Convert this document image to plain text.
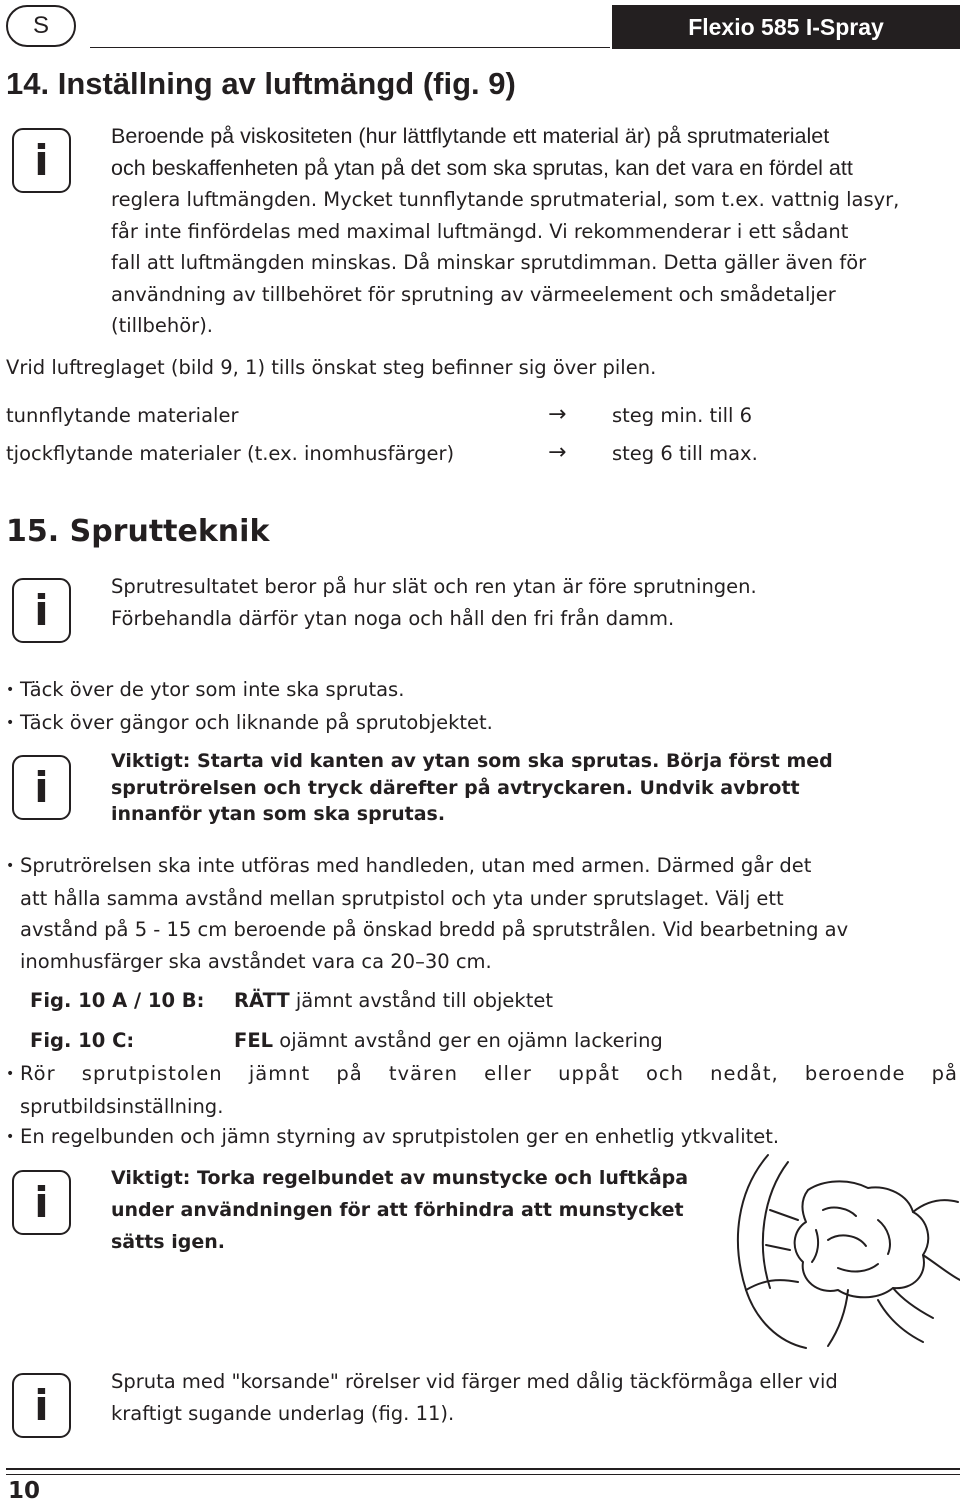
S	Flexio 585 I-Spray
14. Inställning av luftmängd (fig. 9)
i	Beroende på viskositeten (hur lättflytande ett material är) på sprutmaterialet
och beskaffenheten på ytan på det som ska sprutas, kan det vara en fördel att
reglera luftmängden. Mycket tunnflytande sprutmaterial, som t.ex. vattnig lasyr,
får inte finfördelas med maximal luftmängd. Vi rekommenderar i ett sådant
fall att luftmängden minskas. Då minskar sprutdimman. Detta gäller även för
användning av tillbehöret för sprutning av värmeelement och smådetaljer
(tillbehör).
Vrid luftreglaget (bild 9, 1) tills önskat steg befinner sig över pilen.
tunnflytande materialer	→ steg min. till 6
tjockflytande materialer (t.ex. inomhusfärger)	→ steg 6 till max.
15. Sprutteknik
i	Sprutresultatet beror på hur slät och ren ytan är före sprutningen.
Förbehandla därför ytan noga och håll den fri från damm.
• Täck över de ytor som inte ska sprutas.
• Täck över gängor och liknande på sprutobjektet.
i
Viktigt: Starta vid kanten av ytan som ska sprutas. Börja först med
sprutrörelsen och tryck därefter på avtryckaren. Undvik avbrott
innanför ytan som ska sprutas.
• Sprutrörelsen ska inte utföras med handleden, utan med armen. Därmed går det
att hålla samma avstånd mellan sprutpistol och yta under sprutslaget. Välj ett
avstånd på 5 - 15 cm beroende på önskad bredd på sprutstrålen. Vid bearbetning av
inomhusfärger ska avståndet vara ca 20–30 cm.
Fig. 10 A / 10 B: RÄTT jämnt avstånd till objektet
Fig. 10 C:	FEL ojämnt avstånd ger en ojämn lackering
• Rör sprutpistolen jämnt på tvären eller uppåt och nedåt, beroende på
sprutbildsinställning.
• En regelbunden och jämn styrning av sprutpistolen ger en enhetlig ytkvalitet.
i	Viktigt: Torka regelbundet av munstycke och luftkåpa
under användningen för att förhindra att munstycket
sätts igen.
i	Spruta med "korsande" rörelser vid färger med dålig täckförmåga eller vid
kraftigt sugande underlag (fig. 11).
10
